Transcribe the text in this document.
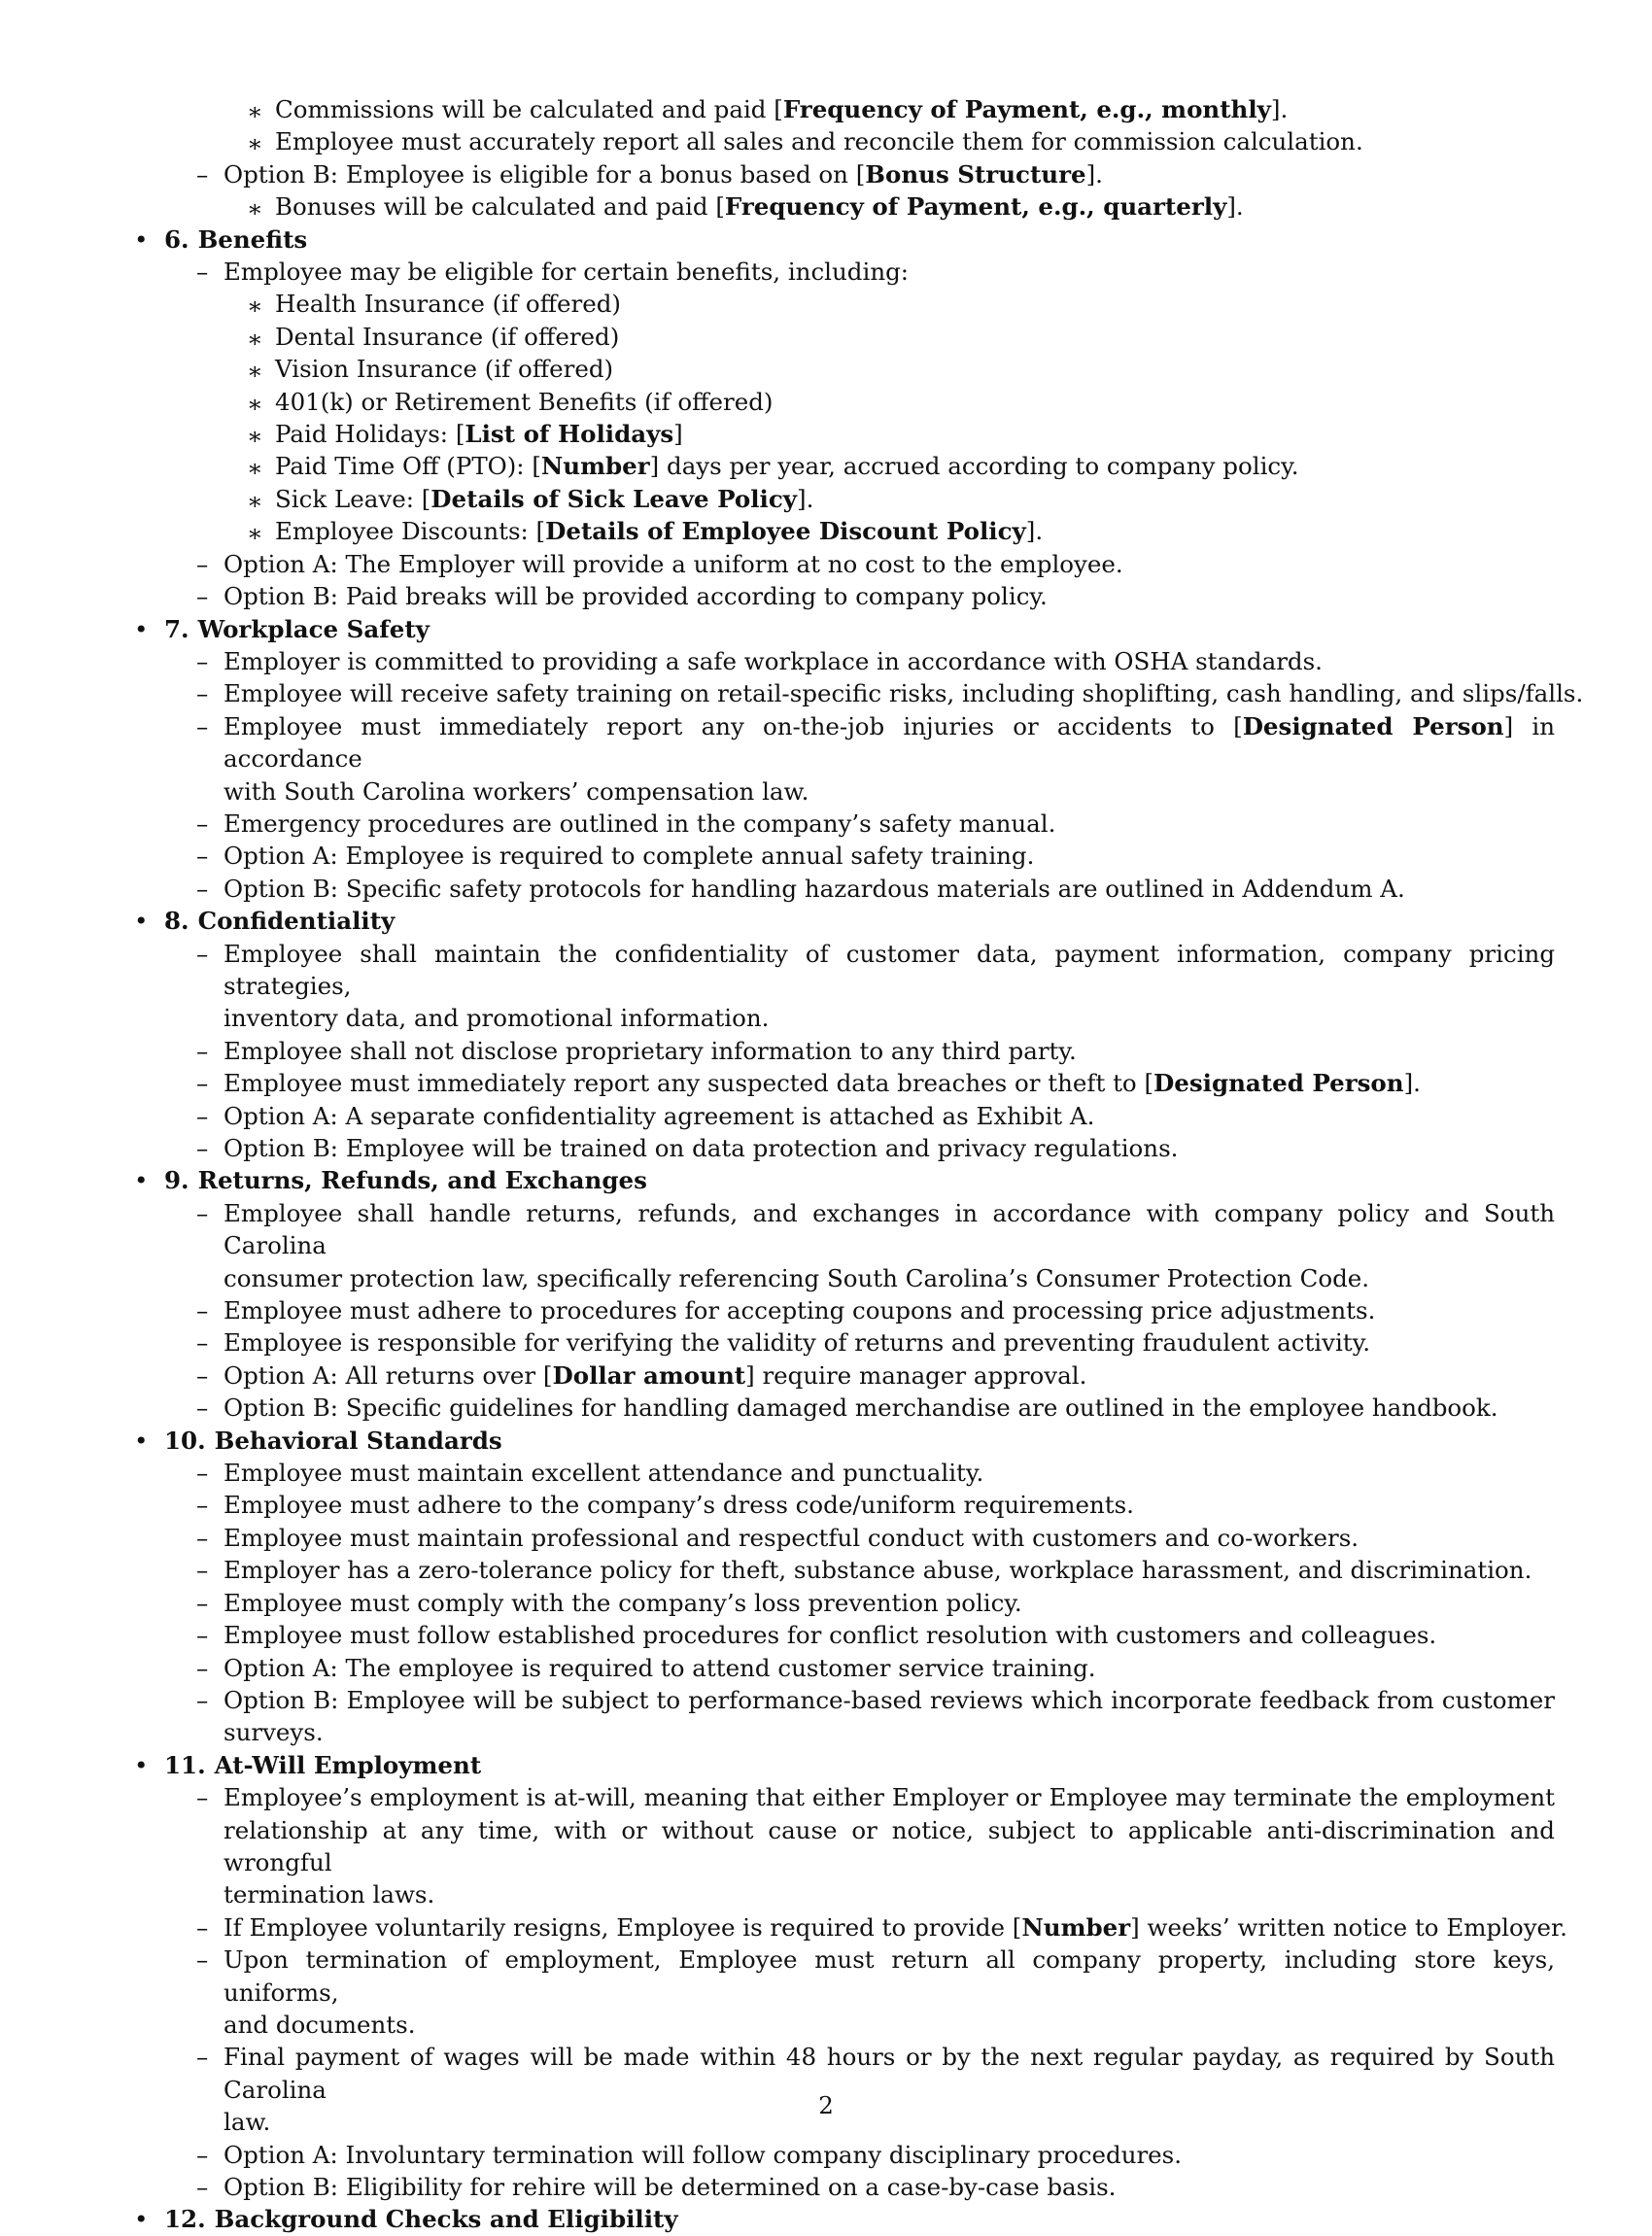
∗ Commissions will be calculated and paid [Frequency of Payment, e.g., monthly].
∗ Employee must accurately report all sales and reconcile them for commission calculation.
– Option B: Employee is eligible for a bonus based on [Bonus Structure].
∗ Bonuses will be calculated and paid [Frequency of Payment, e.g., quarterly].
• 6. Benefits
– Employee may be eligible for certain benefits, including:
∗ Health Insurance (if offered)
∗ Dental Insurance (if offered)
∗ Vision Insurance (if offered)
∗ 401(k) or Retirement Benefits (if offered)
∗ Paid Holidays: [List of Holidays]
∗ Paid Time Off (PTO): [Number] days per year, accrued according to company policy.
∗ Sick Leave: [Details of Sick Leave Policy].
∗ Employee Discounts: [Details of Employee Discount Policy].
– Option A: The Employer will provide a uniform at no cost to the employee.
– Option B: Paid breaks will be provided according to company policy.
• 7. Workplace Safety
– Employer is committed to providing a safe workplace in accordance with OSHA standards.
– Employee will receive safety training on retail-specific risks, including shoplifting, cash handling, and slips/falls.
– Employee must immediately report any on-the-job injuries or accidents to [Designated Person] in accordance
with South Carolina workers’ compensation law.
– Emergency procedures are outlined in the company’s safety manual.
– Option A: Employee is required to complete annual safety training.
– Option B: Specific safety protocols for handling hazardous materials are outlined in Addendum A.
• 8. Confidentiality
– Employee shall maintain the confidentiality of customer data, payment information, company pricing strategies,
inventory data, and promotional information.
– Employee shall not disclose proprietary information to any third party.
– Employee must immediately report any suspected data breaches or theft to [Designated Person].
– Option A: A separate confidentiality agreement is attached as Exhibit A.
– Option B: Employee will be trained on data protection and privacy regulations.
• 9. Returns, Refunds, and Exchanges
– Employee shall handle returns, refunds, and exchanges in accordance with company policy and South Carolina
consumer protection law, specifically referencing South Carolina’s Consumer Protection Code.
– Employee must adhere to procedures for accepting coupons and processing price adjustments.
– Employee is responsible for verifying the validity of returns and preventing fraudulent activity.
– Option A: All returns over [Dollar amount] require manager approval.
– Option B: Specific guidelines for handling damaged merchandise are outlined in the employee handbook.
• 10. Behavioral Standards
– Employee must maintain excellent attendance and punctuality.
– Employee must adhere to the company’s dress code/uniform requirements.
– Employee must maintain professional and respectful conduct with customers and co-workers.
– Employer has a zero-tolerance policy for theft, substance abuse, workplace harassment, and discrimination.
– Employee must comply with the company’s loss prevention policy.
– Employee must follow established procedures for conflict resolution with customers and colleagues.
– Option A: The employee is required to attend customer service training.
– Option B: Employee will be subject to performance-based reviews which incorporate feedback from customer
surveys.
• 11. At-Will Employment
– Employee’s employment is at-will, meaning that either Employer or Employee may terminate the employment
relationship at any time, with or without cause or notice, subject to applicable anti-discrimination and wrongful
termination laws.
– If Employee voluntarily resigns, Employee is required to provide [Number] weeks’ written notice to Employer.
– Upon termination of employment, Employee must return all company property, including store keys, uniforms,
and documents.
– Final payment of wages will be made within 48 hours or by the next regular payday, as required by South Carolina
law.
– Option A: Involuntary termination will follow company disciplinary procedures.
– Option B: Eligibility for rehire will be determined on a case-by-case basis.
• 12. Background Checks and Eligibility
2
